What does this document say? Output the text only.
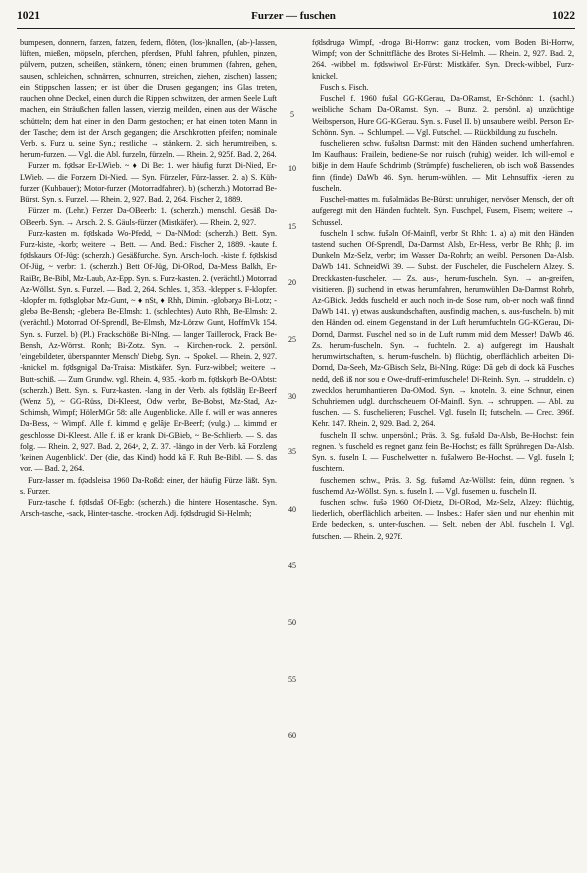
1021	Furzer — fuschen	1022

bumpesen, donnern, farzen, fatzen, federn, flöten, (los-)knallen, (ab-)-lassen, lüften, mießen, möpseln, pferchen, pferdsen, Pfuhl fahren, pfuhlen, pinzen, pülvern, putzen, scheißen, stänkern, tönen; einen brummen (fahren, gehen, sausen, schleichen, schnärren, schnurren, streichen, ziehen, zischen) lassen; ein Stippschen lassen; er ist über die Drusen gegangen; ins Glas treten, rauchen ohne Deckel, einen durch die Rippen schwitzen, der armen Seele Luft machen, ein Sträußchen fallen lassen, vierzig meilden, einen aus der Wäsche schütteln; dem hat einer in den Darm gestochen; er hat einen toten Mann in der Tasche; dem ist der Arsch gegangen; die Arschkrotten pfeifen; nominale Verb. s. Furz u. seine Syn.; restliche → stänkern. 2. sich herumtreiben, s. herum-furzen. — Vgl. die Abl. furzeln, fürzeln. — Rhein. 2, 925f. Bad. 2, 264.

Furzer m. fọ̄dsər Er-LWieb. ~ ♦ Di Be: 1. wer häufig furzt Di-Nied, Er-LWieb. — die Forzern Di-Nied. — Syn. Fürzeler, Fürz-lasser. 2. a) S. Küh-furzer (Kuhbauer); Motor-furzer (Motorradfahrer). b) (scherzh.) Motorrad Be-Bürst. Syn. s. Furzel. — Rhein. 2, 927. Bad. 2, 264. Fischer 2, 1889.

Fürzer m. (Lehr.) Ferzer Da-OBeerb: 1. (scherzh.) menschl. Gesäß Da-OBeerb. Syn. → Arsch. 2. S. Gäuls-fürzer (Mistkäfer). — Rhein. 2, 927.

Furz-kasten m. fọ̄dskadə Wo-Pfedd, ~ Da-NMod: (scherzh.) Bett. Syn. Furz-kiste, -korb; weitere → Bett. — And. Bed.: Fischer 2, 1889. -kaute f. fọ̄dskaurs Of-Jüg: (scherzh.) Gesäßfurche. Syn. Arsch-loch. -kiste f. fọ̄dskisd Of-Jüg, ~ verbr: 1. (scherzh.) Bett Of-Jüg, Di-ORod, Da-Mess Balkh, Er-RaiBr, Be-Bibl, Mz-Laub, Az-Epp. Syn. s. Furz-kasten. 2. (verächtl.) Motorrad Az-Wöllst. Syn. s. Furzel. — Bad. 2, 264. Schles. 1, 353. -klepper s. F-klopfer. -klopfer m. fọ̄dsglọbər Mz-Gunt, ~ ♦ nSt, ♦ Rhh, Dimin. -globərχə Bi-Lotz; -glebə Be-Bensh; -gleberə Be-Elmsh: 1. (schlechtes) Auto Rhh, Be-Elmsh: 2. (verächtl.) Motorrad Of-Sprendl, Be-Elmsh, Mz-Lörzw Gunt, HoffmVk 154. Syn. s. Furzel. b) (Pl.) Frackschöße Bi-NIng. — langer Taillerock, Frack Be-Bensh, Az-Wörrst. Ronh; Bi-Zotz. Syn. → Kirchen-rock. 2. persönl. 'eingebildeter, überspannter Mensch' Diebg. Syn. → Spokel. — Rhein. 2, 927. -knickel m. fọ̄dsgnigəl Da-Traisa: Mistkäfer. Syn. Furz-wibbel; weitere → Butt-schiß. — Zum Grundw. vgl. Rhein. 4, 935. -korb m. fọ̄dskọrb Be-OAbtst: (scherzh.) Bett. Syn. s. Furz-kasten. -lang in der Verb. als fọ̄dsläŋ Er-Beerf (Wenz 5), ~ GG-Rüss, Di-Kleest, Odw verbr, Be-Bobst, Mz-Stad, Az-Schimsh, Wimpf; HölerMGr 58: alle Augenblicke. Alle f. will er was anneres Da-Bess, ~ Wimpf. Alle f. kimmd ẹ gelâje Er-Beerf; (vulg.) ... kimmd er geschlosse Di-Kleest. Alle f. iß er krank Di-GBieb, ~ Be-Schlierb. — S. das folg. — Rhein. 2, 927. Bad. 2, 264ᵃ, 2, Z. 37. -längo in der Verb. kā Forzleng 'keinen Augenblick'. Der (die, das Kind) hodd kā F. Ruh Be-Bibl. — S. das vor. — Bad. 2, 264.

Furz-lasser m. fọ̄ədsleisə 1960 Da-Roßd: einer, der häufig Fürze läßt. Syn. s. Furzer.

Furz-tasche f. fọ̄dsdaš Of-Egb: (scherzh.) die hintere Hosentasche. Syn. Arsch-tasche, -sack, Hinter-tasche. -trocken Adj. fọ̄dsdrugid Si-Helmh;

5
10
15
20
25
30
35
40
45
50
55
60

fọ̄dsdrugə Wimpf, -drogə Bi-Horrw: ganz trocken, vom Boden Bi-Horrw, Wimpf; von der Schnittfläche des Brotes Si-Helmh. — Rhein. 2, 927. Bad. 2, 264. -wibbel m. fọ̄dswiwol Er-Fürst: Mistkäfer. Syn. Dreck-wibbel, Furz-knickel.

Fusch s. Fisch.

Fuschel f. 1960 fušəl GG-KGerau, Da-ORamst, Er-Schönn: 1. (sachl.) weibliche Scham Da-ORamst. Syn. → Bunz. 2. persönl. a) unzüchtige Weibsperson, Hure GG-KGerau. Syn. s. Fusel II. b) unsaubere weibl. Person Er-Schönn. Syn. → Schlumpel. — Vgl. Futschel. — Rückbildung zu fuscheln.

fuschelieren schw. fušəltsn Darmst: mit den Händen suchend umherfahren. Im Kaufhaus: Frailein, bediene-Se nor ruisch (ruhig) weider. Ich will-emol e bißje in dem Haufe Schdrimb (Strümpfe) fuschelieren, ob isch woß Bassendes finn (finde) DaWb 46. Syn. herum-wühlen. — Mit Lehnsuffix -ieren zu fuscheln.

Fuschel-mattes m. fušəlmädəs Be-Bürst: unruhiger, nervöser Mensch, der oft aufgeregt mit den Händen fuchtelt. Syn. Fuschpel, Fusem, Fisem; weitere → Schussel.

fuscheln I schw. fušəln Of-Mainfl, verbr St Rhh: 1. a) a) mit den Händen tastend suchen Of-Sprendl, Da-Darmst Alsb, Er-Hess, verbr Be Rhh; β. im Dunkeln Mz-Selz, verbr; im Wasser Da-Rohrb; an weibl. Personen Da-Alsb. DaWb 141. SchneidWi 39. — Subst. der Fuscheler, die Fuschelern Alzey. S. Dreckkasten-fuscheler. — Zs. aus-, herum-fuscheln. Syn. → an-greifen, visitieren. β) suchend in etwas herumfahren, herumwühlen Da-Darmst Rohrb, Az-GBick. Jedds fuscheld er auch noch in-de Sose rum, ob-er noch waß finnd DaWb 141. γ) etwas auskundschaften, ausfindig machen, s. aus-fuscheln. b) mit den Händen od. einem Gegenstand in der Luft herumfuchteln GG-KGerau, Di-Dornd, Darmst. Fuschel ned so in de Luft rumm mid dem Messer! DaWb 46. Zs. herum-fuscheln. Syn. → fuchteln. 2. a) aufgeregt im Haushalt herumwirtschaften, s. herum-fuscheln. b) flüchtig, oberflächlich arbeiten Di-Dornd, Da-Seeh, Mz-GBisch Selz, Bi-NIng. Rüge: Dā geb di dock kā Fusches nedd, deß iß nor sou e Owe-druff-erimfuschele! Di-Reinh. Syn. → struddeln. c) zwecklos herumhantieren Da-OMod. Syn. → knoteln. 3. eine Schnur, einen Schuhriemen udgl. durchscheuern Of-Mainfl. Syn. → schruppen. — Abl. zu fuschen. — S. fuschelieren; Fuschel. Vgl. fuseln II; futscheln. — Crec. 396f. Kehr. 147. Rhein. 2, 929. Bad. 2, 264.

fuscheln II schw. unpersönl.; Präs. 3. Sg. fušəld Da-Alsb, Be-Hochst: fein regnen. 's fuscheld es regnet ganz fein Be-Hochst; es fällt Sprühregen Da-Alsb. Syn. s. fuseln I. — Fuschelwetter n. fušəlwero Be-Hochst. — Vgl. fuseln I; fuschtern.

fuschemen schw., Präs. 3. Sg. fušəmd Az-Wöllst: fein, dünn regnen. 's fuschemd Az-Wöllst. Syn. s. fuseln I. — Vgl. fusemen u. fuscheln II.

fuschen schw. fušə 1960 Of-Dietz, Di-ORod, Mz-Selz, Alzey: flüchtig, liederlich, oberflächlich arbeiten. — Insbes.: Hafer säen und nur ehenhin mit Erde bedecken, s. unter-fuschen. — Selt. neben der Abl. fuscheln I. Vgl. futschen. — Rhein. 2, 927f.
